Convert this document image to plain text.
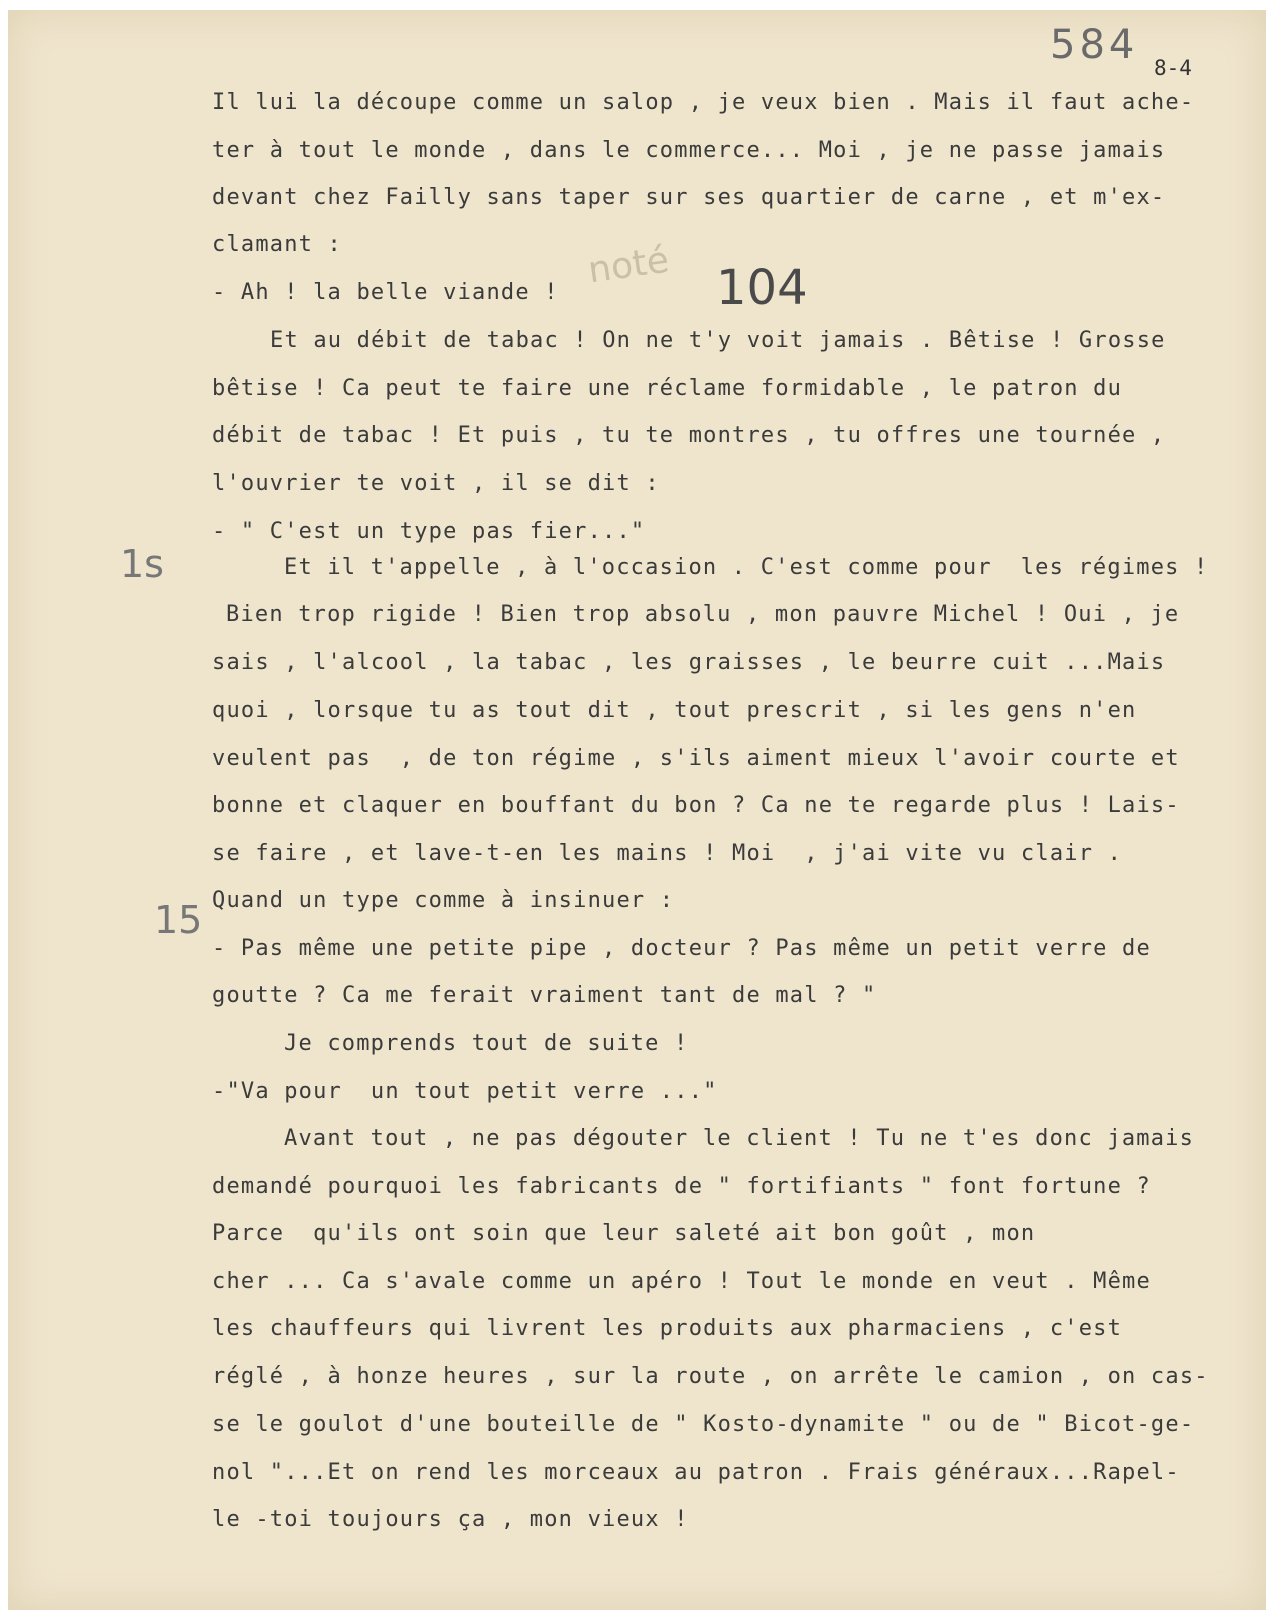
584 8-4
noté 104
1s
15
Il lui la découpe comme un salop , je veux bien . Mais il faut ache-
ter à tout le monde , dans le commerce... Moi , je ne passe jamais
devant chez Failly sans taper sur ses quartier de carne , et m'ex-
clamant :
- Ah ! la belle viande !
Et au débit de tabac ! On ne t'y voit jamais . Bêtise ! Grosse
bêtise ! Ca peut te faire une réclame formidable , le patron du
débit de tabac ! Et puis , tu te montres , tu offres une tournée ,
l'ouvrier te voit , il se dit :
- " C'est un type pas fier..."
Et il t'appelle , à l'occasion . C'est comme pour  les régimes !
Bien trop rigide ! Bien trop absolu , mon pauvre Michel ! Oui , je
sais , l'alcool , la tabac , les graisses , le beurre cuit ...Mais
quoi , lorsque tu as tout dit , tout prescrit , si les gens n'en
veulent pas  , de ton régime , s'ils aiment mieux l'avoir courte et
bonne et claquer en bouffant du bon ? Ca ne te regarde plus ! Lais-
se faire , et lave-t-en les mains ! Moi  , j'ai vite vu clair .
Quand un type comme à insinuer :
- Pas même une petite pipe , docteur ? Pas même un petit verre de
goutte ? Ca me ferait vraiment tant de mal ? "
Je comprends tout de suite !
-"Va pour  un tout petit verre ..."
Avant tout , ne pas dégouter le client ! Tu ne t'es donc jamais
demandé pourquoi les fabricants de " fortifiants " font fortune ?
Parce  qu'ils ont soin que leur saleté ait bon goût , mon
cher ... Ca s'avale comme un apéro ! Tout le monde en veut . Même
les chauffeurs qui livrent les produits aux pharmaciens , c'est
réglé , à honze heures , sur la route , on arrête le camion , on cas-
se le goulot d'une bouteille de " Kosto-dynamite " ou de " Bicot-ge-
nol "...Et on rend les morceaux au patron . Frais généraux...Rapel-
le -toi toujours ça , mon vieux !
